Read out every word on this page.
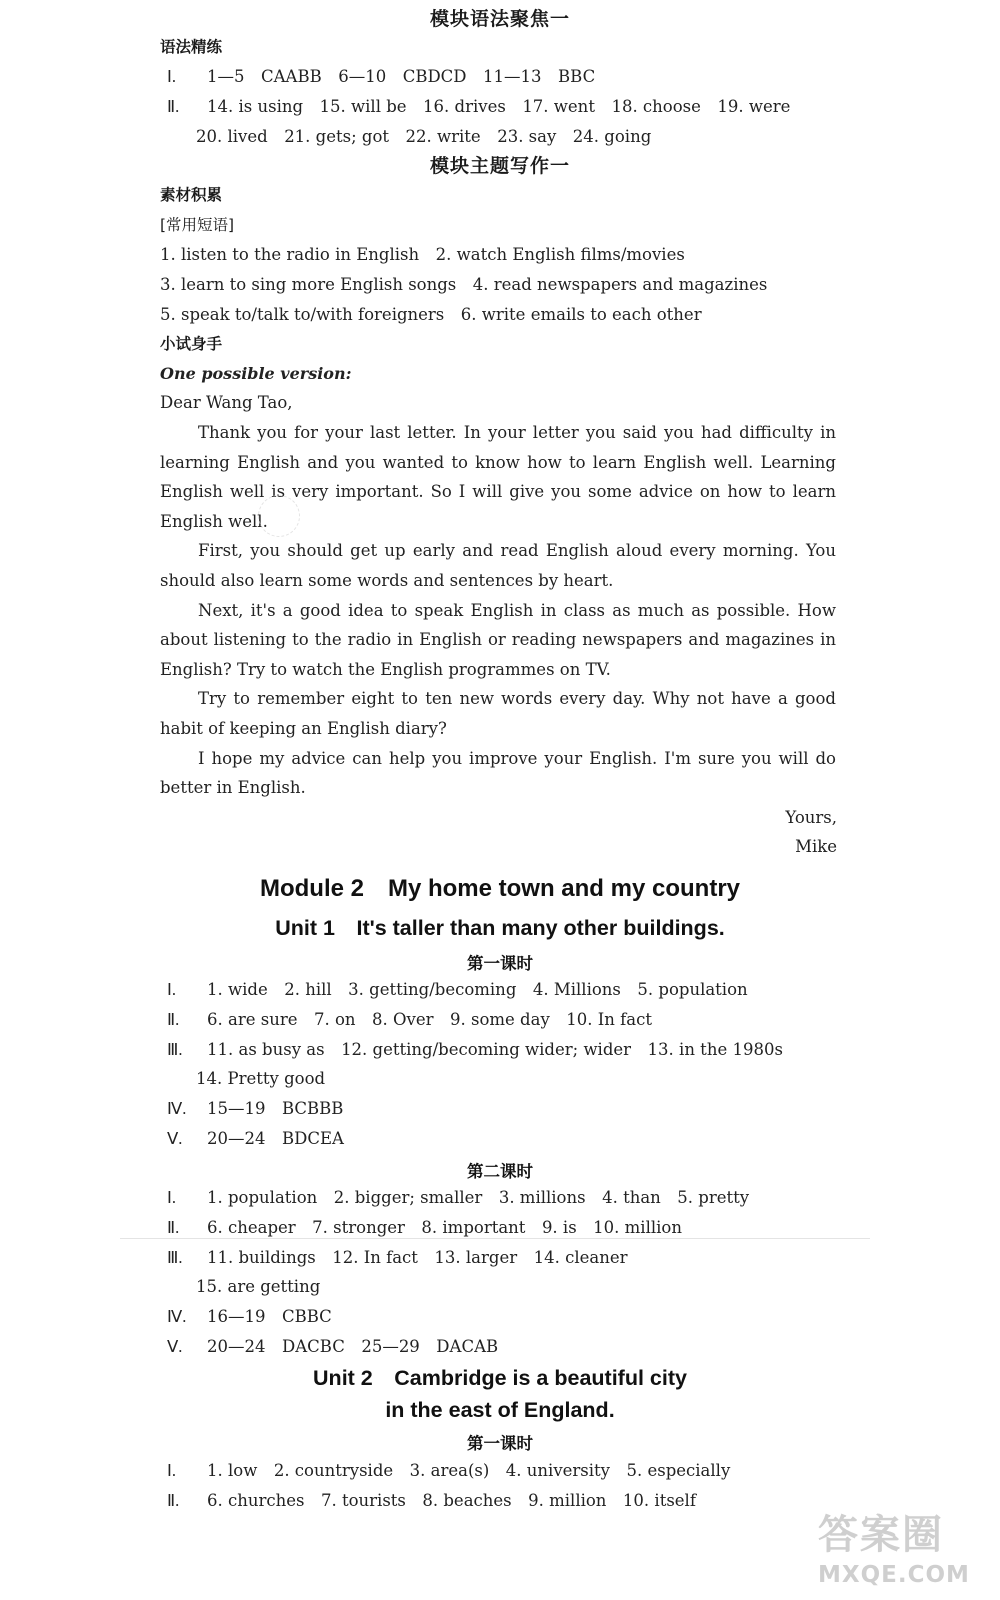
模块语法聚焦一
语法精练
Ⅰ. 1—5　CAABB　6—10　CBDCD　11—13　BBC
Ⅱ. 14. is using　15. will be　16. drives　17. went　18. choose　19. were
20. lived　21. gets; got　22. write　23. say　24. going
模块主题写作一
素材积累
[常用短语]
1. listen to the radio in English　2. watch English films/movies
3. learn to sing more English songs　4. read newspapers and magazines
5. speak to/talk to/with foreigners　6. write emails to each other
小试身手
One possible version:
Dear Wang Tao,
Thank you for your last letter. In your letter you said you had difficulty in learning English and you wanted to know how to learn English well. Learning English well is very important. So I will give you some advice on how to learn English well.
First, you should get up early and read English aloud every morning. You should also learn some words and sentences by heart.
Next, it's a good idea to speak English in class as much as possible. How about listening to the radio in English or reading newspapers and magazines in English? Try to watch the English programmes on TV.
Try to remember eight to ten new words every day. Why not have a good habit of keeping an English diary?
I hope my advice can help you improve your English. I'm sure you will do better in English.
Yours,
Mike
Module 2　My home town and my country
Unit 1　It's taller than many other buildings.
第一课时
Ⅰ. 1. wide　2. hill　3. getting/becoming　4. Millions　5. population
Ⅱ. 6. are sure　7. on　8. Over　9. some day　10. In fact
Ⅲ. 11. as busy as　12. getting/becoming wider; wider　13. in the 1980s
14. Pretty good
Ⅳ. 15—19　BCBBB
Ⅴ. 20—24　BDCEA
第二课时
Ⅰ. 1. population　2. bigger; smaller　3. millions　4. than　5. pretty
Ⅱ. 6. cheaper　7. stronger　8. important　9. is　10. million
Ⅲ. 11. buildings　12. In fact　13. larger　14. cleaner
15. are getting
Ⅳ. 16—19　CBBC
Ⅴ. 20—24　DACBC　25—29　DACAB
Unit 2　Cambridge is a beautiful city
in the east of England.
第一课时
Ⅰ. 1. low　2. countryside　3. area(s)　4. university　5. especially
Ⅱ. 6. churches　7. tourists　8. beaches　9. million　10. itself
答案圈
MXQE.COM
